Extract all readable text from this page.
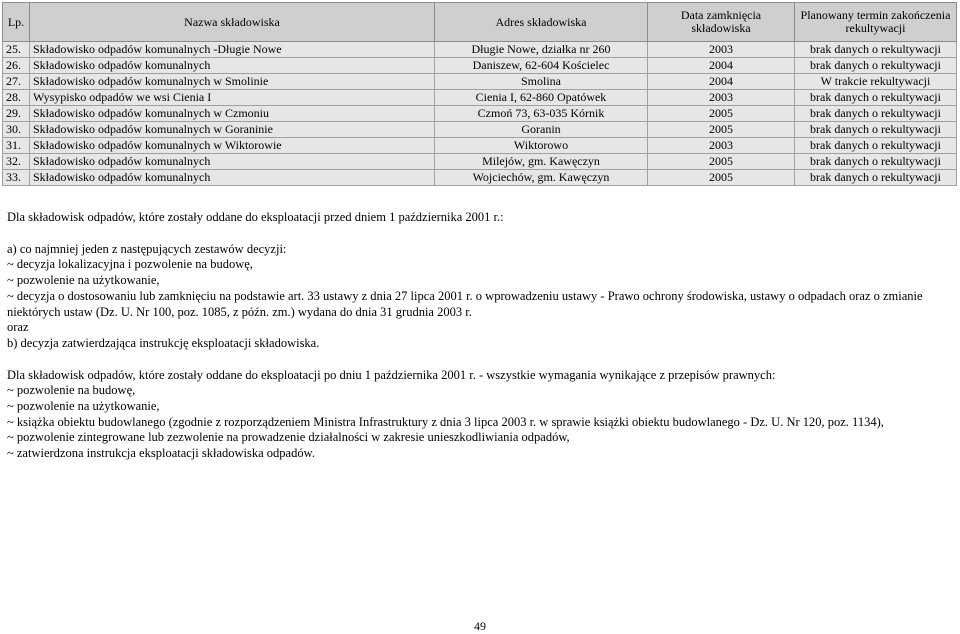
Lp.	Nazwa składowiska	Adres składowiska	Data zamknięcia składowiska	Planowany termin zakończenia rekultywacji
25.	Składowisko odpadów komunalnych -Długie Nowe	Długie Nowe, działka nr 260	2003	brak danych o rekultywacji
26.	Składowisko odpadów komunalnych	Daniszew, 62-604 Kościelec	2004	brak danych o rekultywacji
27.	Składowisko odpadów komunalnych w Smolinie	Smolina	2004	W trakcie rekultywacji
28.	Wysypisko odpadów we wsi Cienia I	Cienia I, 62-860 Opatówek	2003	brak danych o rekultywacji
29.	Składowisko odpadów komunalnych w Czmoniu	Czmoń 73, 63-035 Kórnik	2005	brak danych o rekultywacji
30.	Składowisko odpadów komunalnych w Goraninie	Goranin	2005	brak danych o rekultywacji
31.	Składowisko odpadów komunalnych w Wiktorowie	Wiktorowo	2003	brak danych o rekultywacji
32.	Składowisko odpadów komunalnych	Milejów, gm. Kawęczyn	2005	brak danych o rekultywacji
33.	Składowisko odpadów komunalnych	Wojciechów, gm. Kawęczyn	2005	brak danych o rekultywacji

Dla składowisk odpadów, które zostały oddane do eksploatacji przed dniem 1 października 2001 r.:

a) co najmniej jeden z następujących zestawów decyzji:

~ decyzja lokalizacyjna i pozwolenie na budowę,

~ pozwolenie na użytkowanie,

~ decyzja o dostosowaniu lub zamknięciu na podstawie art. 33 ustawy z dnia 27 lipca 2001 r. o wprowadzeniu ustawy - Prawo ochrony środowiska, ustawy o odpadach oraz o zmianie niektórych ustaw (Dz. U. Nr 100, poz. 1085, z późn. zm.) wydana do dnia 31 grudnia 2003 r.

oraz

b) decyzja zatwierdzająca instrukcję eksploatacji składowiska.

Dla składowisk odpadów, które zostały oddane do eksploatacji po dniu 1 października 2001 r. - wszystkie wymagania wynikające z przepisów prawnych:

~ pozwolenie na budowę,

~ pozwolenie na użytkowanie,

~ książka obiektu budowlanego (zgodnie z rozporządzeniem Ministra Infrastruktury z dnia 3 lipca 2003 r. w sprawie książki obiektu budowlanego - Dz. U. Nr 120, poz. 1134),

~ pozwolenie zintegrowane lub zezwolenie na prowadzenie działalności w zakresie unieszkodliwiania odpadów,

~ zatwierdzona instrukcja eksploatacji składowiska odpadów.

49
